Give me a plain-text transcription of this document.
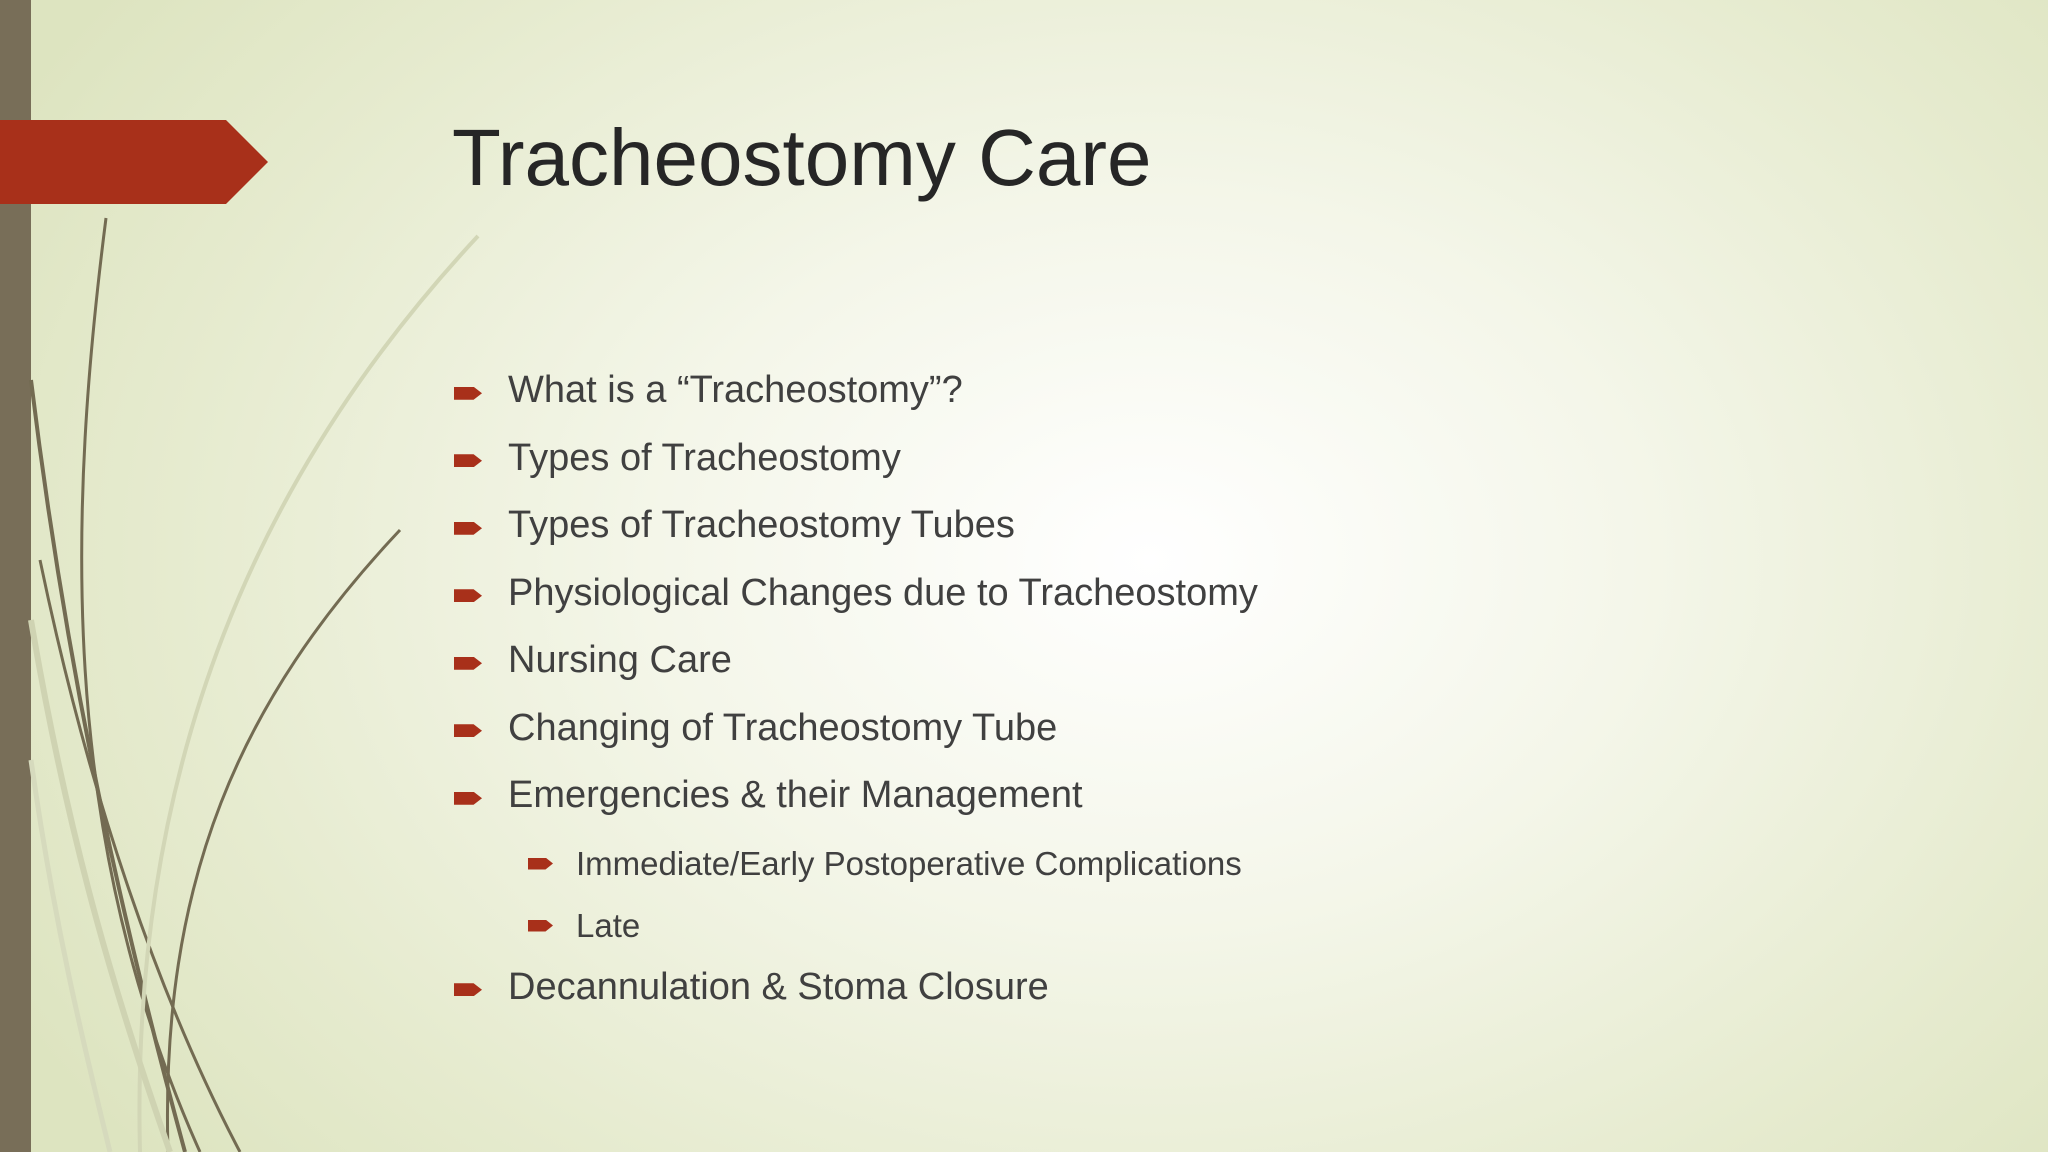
Tracheostomy Care
What is a “Tracheostomy”?
Types of Tracheostomy
Types of Tracheostomy Tubes
Physiological Changes due to Tracheostomy
Nursing Care
Changing of Tracheostomy Tube
Emergencies & their Management
Immediate/Early Postoperative Complications
Late
Decannulation & Stoma Closure
